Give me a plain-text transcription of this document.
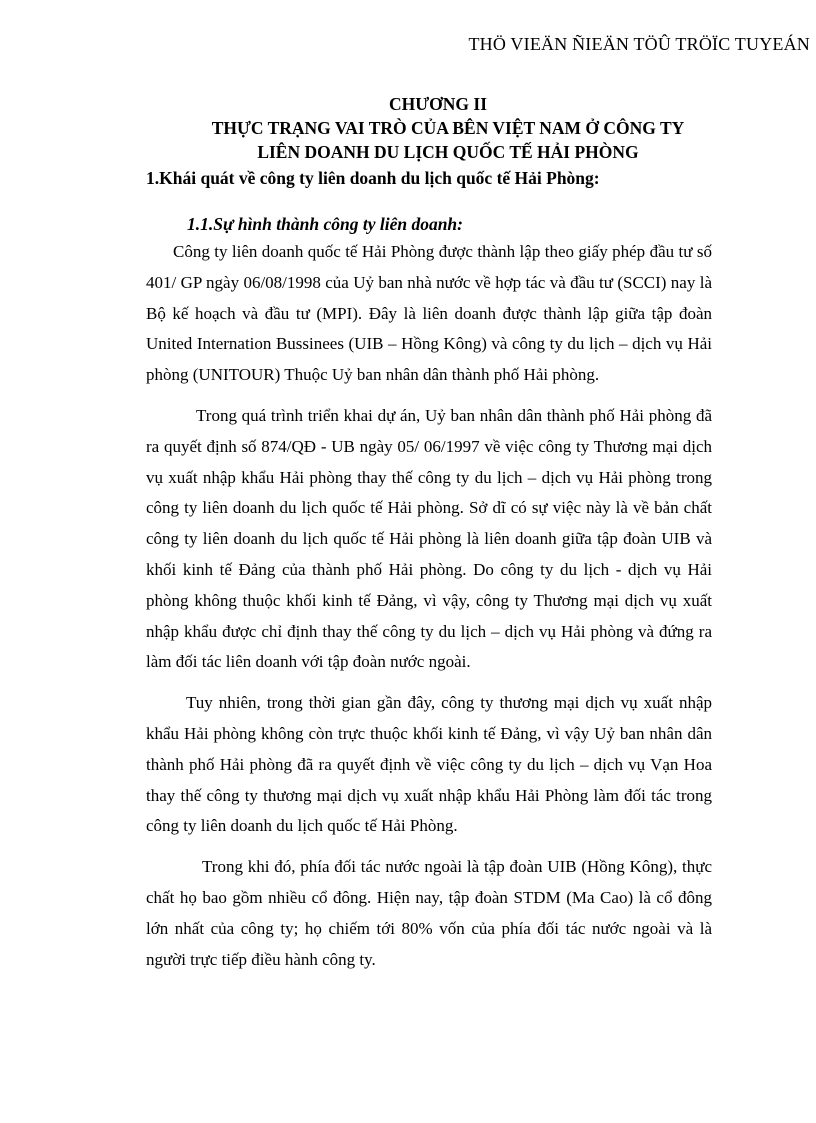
THÖ VIEÄN ÑIEÄN TÖÛ TRÖÏC TUYEÁN
CHƯƠNG II
THỰC TRẠNG VAI TRÒ CỦA BÊN VIỆT NAM Ở CÔNG TY
LIÊN DOANH DU LỊCH QUỐC TẾ HẢI PHÒNG
1.Khái quát về công ty liên doanh du lịch quốc tế Hải Phòng:
1.1.Sự hình thành công ty liên doanh:

Công ty liên doanh quốc tế Hải Phòng được thành lập theo giấy phép đầu tư số 401/ GP ngày 06/08/1998 của Uỷ ban nhà nước về hợp tác và đầu tư (SCCI) nay là Bộ kế hoạch và đầu tư (MPI). Đây là liên doanh được thành lập giữa tập đoàn United Internation Bussinees (UIB – Hồng Kông) và công ty du lịch – dịch vụ Hải phòng (UNITOUR) Thuộc Uỷ ban nhân dân thành phố Hải phòng.

Trong quá trình triển khai dự án, Uỷ ban nhân dân thành phố Hải phòng đã ra quyết định số 874/QĐ - UB ngày 05/ 06/1997 về việc công ty Thương mại dịch vụ xuất nhập khẩu Hải phòng thay thế công ty du lịch – dịch vụ Hải phòng trong công ty liên doanh du lịch quốc tế Hải phòng. Sở dĩ có sự việc này là về bản chất công ty liên doanh du lịch quốc tế Hải phòng là liên doanh giữa tập đoàn UIB và khối kinh tế Đảng của thành phố Hải phòng. Do công ty du lịch - dịch vụ Hải phòng không thuộc khối kinh tế Đảng, vì vậy, công ty Thương mại dịch vụ xuất nhập khẩu được chỉ định thay thế công ty du lịch – dịch vụ Hải phòng và đứng ra làm đối tác liên doanh với tập đoàn nước ngoài.

Tuy nhiên, trong thời gian gần đây, công ty thương mại dịch vụ xuất nhập khẩu Hải phòng không còn trực thuộc khối kinh tế Đảng, vì vậy Uỷ ban nhân dân thành phố Hải phòng đã ra quyết định về việc công ty du lịch – dịch vụ Vạn Hoa thay thế công ty thương mại dịch vụ xuất nhập khẩu Hải Phòng làm đối tác trong công ty liên doanh du lịch quốc tế Hải Phòng.

Trong khi đó, phía đối tác nước ngoài là tập đoàn UIB (Hồng Kông), thực chất họ bao gồm nhiều cổ đông. Hiện nay, tập đoàn STDM (Ma Cao) là cổ đông lớn nhất của công ty; họ chiếm tới 80% vốn của phía đối tác nước ngoài và là người trực tiếp điều hành công ty.
